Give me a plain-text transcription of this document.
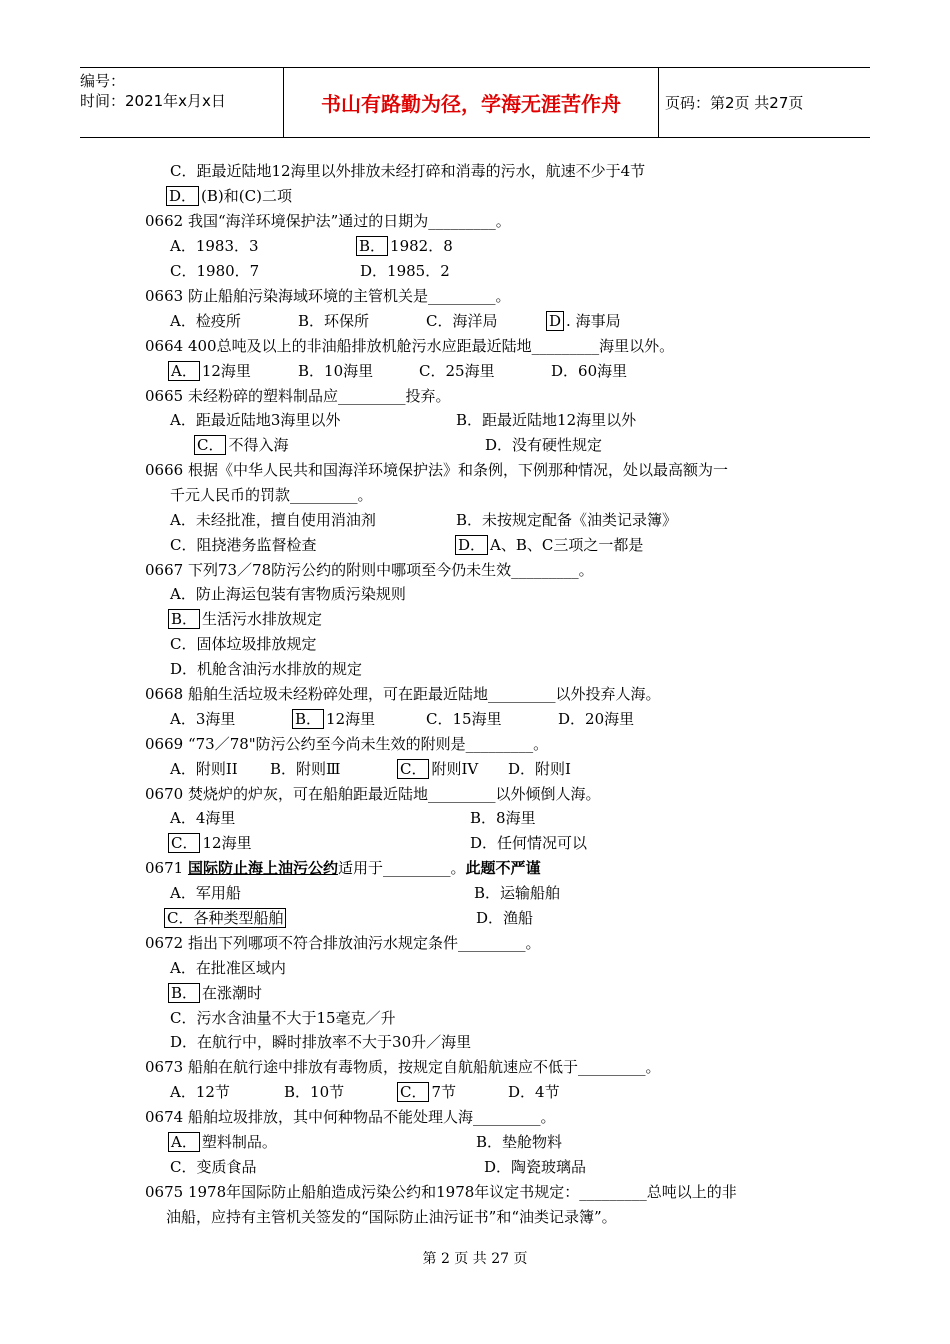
编号：
时间：2021年x月x日	书山有路勤为径，学海无涯苦作舟	页码：第2页 共27页
C．距最近陆地12海里以外排放未经打碎和消毒的污水，航速不少于4节
D． (B)和(C)二项
0662 我国“海洋环境保护法”通过的日期为_________。
A．1983．3	B． 1982．8
C．1980．7	D．1985．2
0663 防止船舶污染海域环境的主管机关是_________。
A．检疫所	B．环保所	C．海洋局	D . 海事局
0664 400总吨及以上的非油船排放机舱污水应距最近陆地_________海里以外。
A． 12海里	B．10海里	C．25海里	D．60海里
0665 未经粉碎的塑料制品应_________投弃。
A．距最近陆地3海里以外	B．距最近陆地12海里以外
C． 不得入海	D．没有硬性规定
0666 根据《中华人民共和国海洋环境保护法》和条例，下例那种情况，处以最高额为一
千元人民币的罚款_________。
A．未经批准，擅自使用消油剂	B．未按规定配备《油类记录簿》
C．阻挠港务监督检查	D． A、B、C三项之一都是
0667 下列73／78防污公约的附则中哪项至今仍未生效_________。
A．防止海运包装有害物质污染规则
B． 生活污水排放规定
C．固体垃圾排放规定
D．机舱含油污水排放的规定
0668 船舶生活垃圾未经粉碎处理，可在距最近陆地_________以外投弃人海。
A．3海里	B． 12海里	C．15海里	D．20海里
0669 “73／78"防污公约至今尚未生效的附则是_________。
A．附则II B．附则Ⅲ	C． 附则IV D．附则Ⅰ
0670 焚烧炉的炉灰，可在船舶距最近陆地_________以外倾倒人海。
A．4海里	B．8海里
C． 12海里	D．任何情况可以
0671 国际防止海上油污公约适用于_________。此题不严谨
A．军用船	B．运输船舶
C．各种类型船舶	D．渔船
0672 指出下列哪项不符合排放油污水规定条件_________。
A．在批准区域内
B． 在涨潮时
C．污水含油量不大于15毫克／升
D．在航行中，瞬时排放率不大于30升／海里
0673 船舶在航行途中排放有毒物质，按规定自航船航速应不低于_________。
A．12节	B．10节	C． 7节	D．4节
0674 船舶垃圾排放，其中何种物品不能处理人海_________。
A． 塑料制品。	B．垫舱物料
C．变质食品	D．陶瓷玻璃品
0675 1978年国际防止船舶造成污染公约和1978年议定书规定：_________总吨以上的非
油船，应持有主管机关签发的“国际防止油污证书”和“油类记录簿”。
第 2 页 共 27 页
